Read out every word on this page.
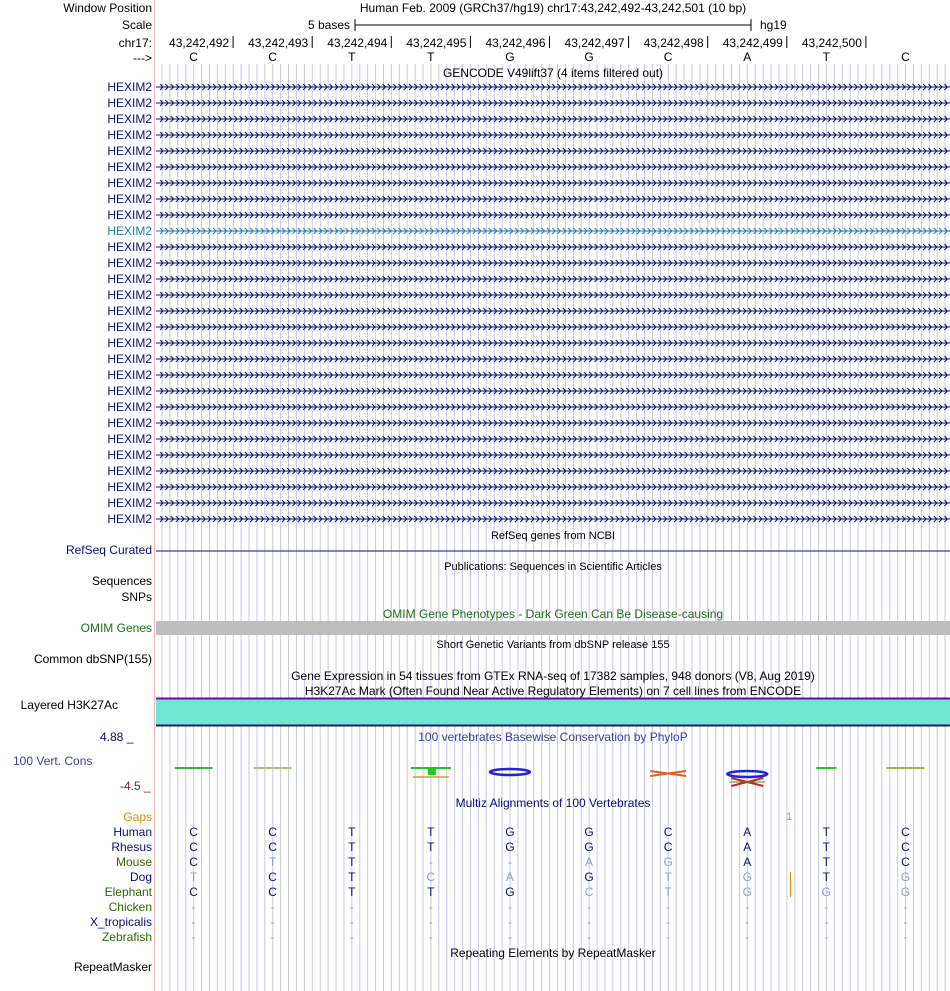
Window Position	Human Feb. 2009 (GRCh37/hg19) chr17:43,242,492-43,242,501 (10 bp)
Scale	5 bases	hg19
chr17:
--->
43,242,492	43,242,493	43,242,494	43,242,495	43,242,496	43,242,497	43,242,498	43,242,499	43,242,500
C	C	T	T	G	G	C	A	T	C
GENCODE V49lift37 (4 items filtered out)
HEXIM2
HEXIM2
HEXIM2
HEXIM2
HEXIM2
HEXIM2
HEXIM2
HEXIM2
HEXIM2
HEXIM2
HEXIM2
HEXIM2
HEXIM2
HEXIM2
HEXIM2
HEXIM2
HEXIM2
HEXIM2
HEXIM2
HEXIM2
HEXIM2
HEXIM2
HEXIM2
HEXIM2
HEXIM2
HEXIM2
HEXIM2
HEXIM2
RefSeq genes from NCBI
RefSeq Curated
Publications: Sequences in Scientific Articles
Sequences
SNPs
OMIM Gene Phenotypes - Dark Green Can Be Disease-causing
OMIM Genes
Short Genetic Variants from dbSNP release 155
Common dbSNP(155)
Gene Expression in 54 tissues from GTEx RNA-seq of 17382 samples, 948 donors (V8, Aug 2019)
H3K27Ac Mark (Often Found Near Active Regulatory Elements) on 7 cell lines from ENCODE
Layered H3K27Ac
4.88 _	100 vertebrates Basewise Conservation by PhyloP
100 Vert. Cons
-4.5 _
Multiz Alignments of 100 Vertebrates
Gaps	1
Human	C	C	T	T	G	G	C	A	T	C
Rhesus	C	C	T	T	G	G	C	A	T	C
Mouse	C	T	T	-	-	A	G	A	T	C
Dog	T	C	T	C	A	G	T	G	T	G
Elephant	C	C	T	T	G	C	T	G	G	G
Chicken	-	-	-	-	-	-	-	-	-	-
X_tropicalis	-	-	-	-	-	-	-	-	-	-
Zebrafish	-	-	-	-	-	-	-	-	-	-
Repeating Elements by RepeatMasker
RepeatMasker
